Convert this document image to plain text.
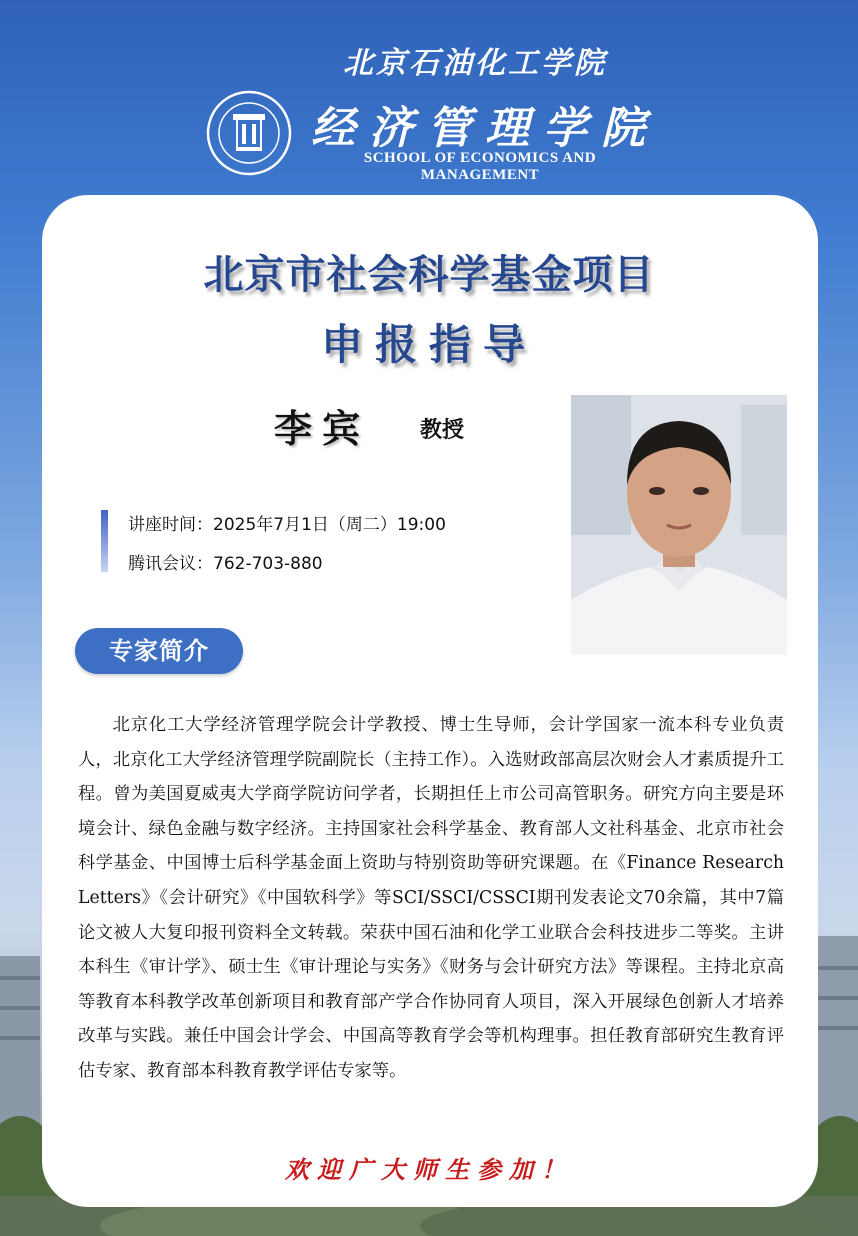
北京石油化工学院
经济管理学院
SCHOOL OF ECONOMICS AND MANAGEMENT
北京市社会科学基金项目
申报指导
李宾 教授
讲座时间：2025年7月1日（周二）19:00
腾讯会议：762-703-880
专家简介
北京化工大学经济管理学院会计学教授、博士生导师，会计学国家一流本科专业负责人，北京化工大学经济管理学院副院长（主持工作）。入选财政部高层次财会人才素质提升工程。曾为美国夏威夷大学商学院访问学者，长期担任上市公司高管职务。研究方向主要是环境会计、绿色金融与数字经济。主持国家社会科学基金、教育部人文社科基金、北京市社会科学基金、中国博士后科学基金面上资助与特别资助等研究课题。在《Finance Research Letters》《会计研究》《中国软科学》等SCI/SSCI/CSSCI期刊发表论文70余篇，其中7篇论文被人大复印报刊资料全文转载。荣获中国石油和化学工业联合会科技进步二等奖。主讲本科生《审计学》、硕士生《审计理论与实务》《财务与会计研究方法》等课程。主持北京高等教育本科教学改革创新项目和教育部产学合作协同育人项目，深入开展绿色创新人才培养改革与实践。兼任中国会计学会、中国高等教育学会等机构理事。担任教育部研究生教育评估专家、教育部本科教育教学评估专家等。
欢迎广大师生参加！
